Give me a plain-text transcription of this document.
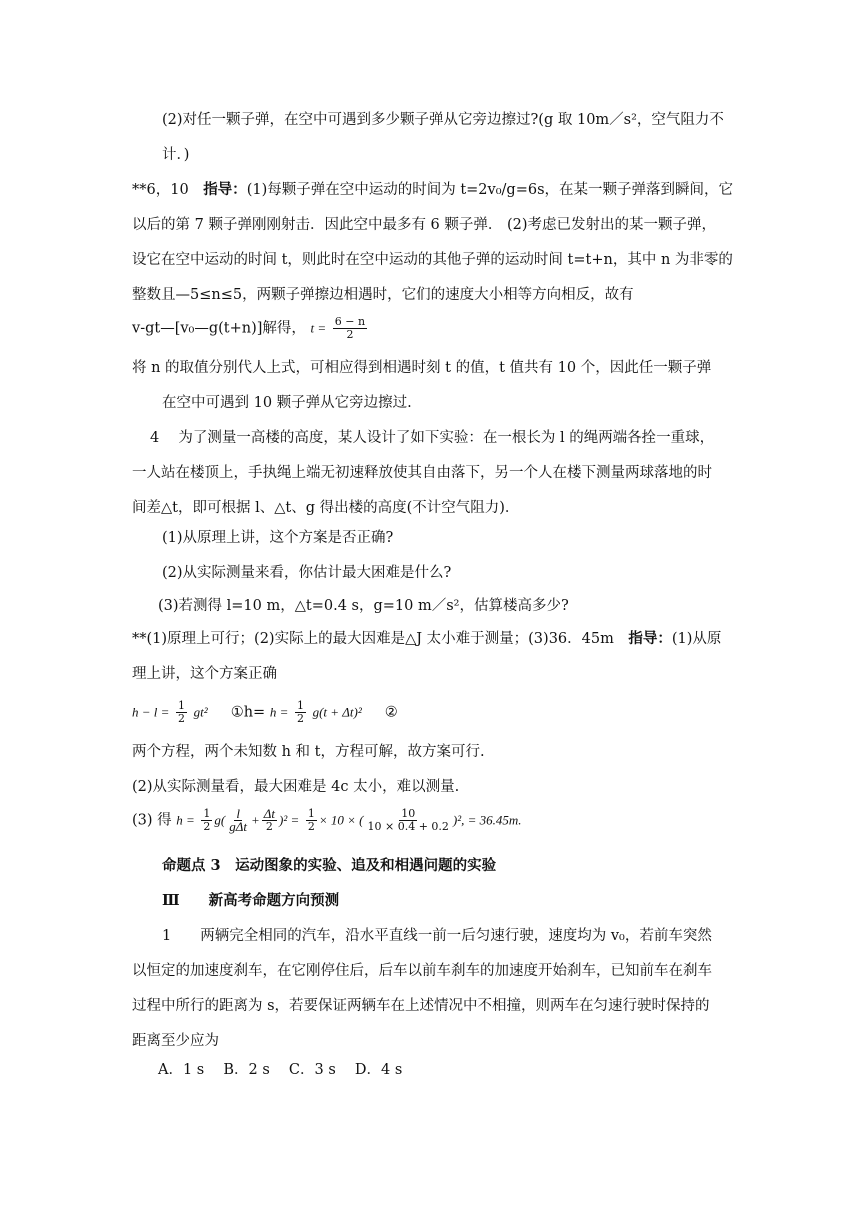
(2)对任一颗子弹，在空中可遇到多少颗子弹从它旁边擦过?(g 取 10m／s²，空气阻力不
计．)
**6，10　指导：(1)每颗子弹在空中运动的时间为 t=2v₀/g=6s，在某一颗子弹落到瞬间，它
以后的第 7 颗子弹刚刚射击．因此空中最多有 6 颗子弹． (2)考虑已发射出的某一颗子弹，
设它在空中运动的时间 t，则此时在空中运动的其他子弹的运动时间 t=t+n，其中 n 为非零的
整数且—5≤n≤5，两颗子弹擦边相遇时，它们的速度大小相等方向相反，故有
v-gt—[v₀—g(t+n)]解得， $t = \frac{6 - n}{2}$
将 n 的取值分别代人上式，可相应得到相遇时刻 t 的值，t 值共有 10 个，因此任一颗子弹
在空中可遇到 10 颗子弹从它旁边擦过.
4　 为了测量一高楼的高度，某人设计了如下实验：在一根长为 l 的绳两端各拴一重球，
一人站在楼顶上，手执绳上端无初速释放使其自由落下，另一个人在楼下测量两球落地的时
间差△t，即可根据 l、△t、g 得出楼的高度(不计空气阻力)．
(1)从原理上讲，这个方案是否正确?
(2)从实际测量来看，你估计最大困难是什么?
(3)若测得 l=10 m，△t=0.4 s，g=10 m／s²，估算楼高多少?
**(1)原理上可行；(2)实际上的最大因难是△J 太小难于测量；(3)36．45m　指导：(1)从原
理上讲，这个方案正确
$h - l = \frac{1}{2} gt^2$ ①h= $h = \frac{1}{2} g(t + \Delta t)^2$ ②
两个方程，两个未知数 h 和 t，方程可解，故方案可行.
(2)从实际测量看，最大困难是 4c 太小，难以测量.
(3) 得 $h = \frac{1}{2} g( \frac{l}{\text{gΔt}} + \frac{\Delta t}{2} )^2 = \frac{1}{2} \times 10$ × ( $\frac{10}{10 \times 0.4 + 0.2} )^2$, = 36.45m.
命题点 3　运动图象的实验、追及和相遇问题的实验
Ⅲ　　新高考命题方向预测
1　　两辆完全相同的汽车，沿水平直线一前一后匀速行驶，速度均为 v₀，若前车突然
以恒定的加速度刹车，在它刚停住后，后车以前车刹车的加速度开始刹车，已知前车在刹车
过程中所行的距离为 s，若要保证两辆车在上述情况中不相撞，则两车在匀速行驶时保持的
距离至少应为
A．1 s　 B．2 s　 C．3 s　 D．4 s
